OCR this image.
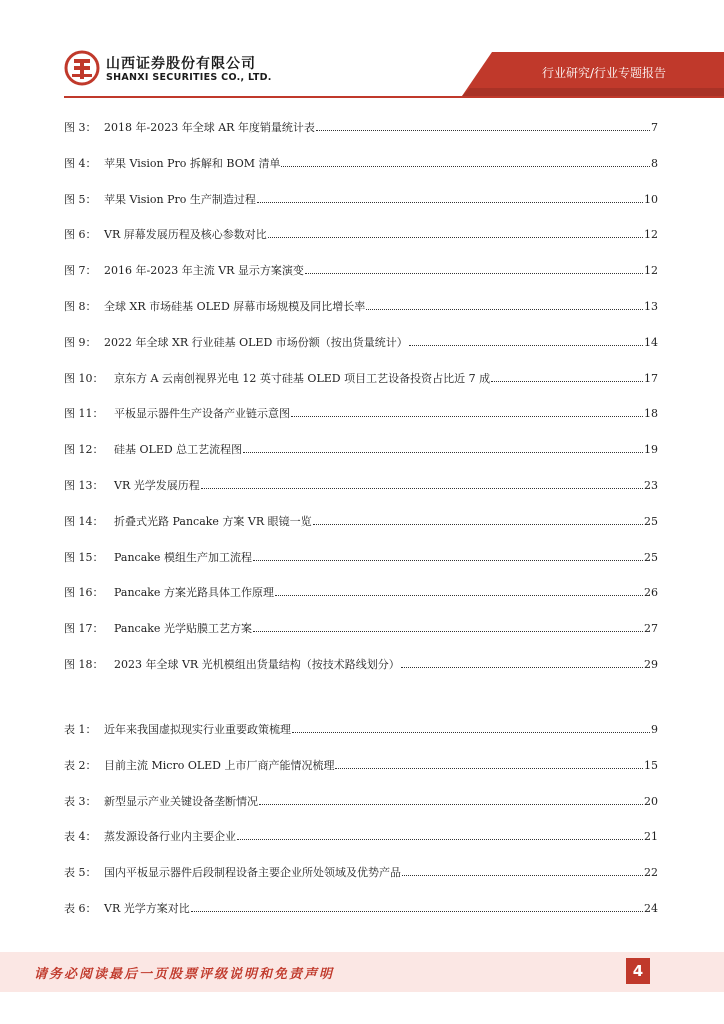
山西证券股份有限公司
SHANXI SECURITIES CO., LTD.	行业研究/行业专题报告
图 3： 2018 年-2023 年全球 AR 年度销量统计表	7
图 4： 苹果 Vision Pro 拆解和 BOM 清单	8
图 5： 苹果 Vision Pro 生产制造过程	10
图 6： VR 屏幕发展历程及核心参数对比	12
图 7： 2016 年-2023 年主流 VR 显示方案演变	12
图 8： 全球 XR 市场硅基 OLED 屏幕市场规模及同比增长率	13
图 9： 2022 年全球 XR 行业硅基 OLED 市场份额（按出货量统计）	14
图 10： 京东方 A 云南创视界光电 12 英寸硅基 OLED 项目工艺设备投资占比近 7 成	17
图 11： 平板显示器件生产设备产业链示意图	18
图 12： 硅基 OLED 总工艺流程图	19
图 13： VR 光学发展历程	23
图 14： 折叠式光路 Pancake 方案 VR 眼镜一览	25
图 15： Pancake 模组生产加工流程	25
图 16： Pancake 方案光路具体工作原理	26
图 17： Pancake 光学贴膜工艺方案	27
图 18： 2023 年全球 VR 光机模组出货量结构（按技术路线划分）	29
表 1： 近年来我国虚拟现实行业重要政策梳理	9
表 2： 目前主流 Micro OLED 上市厂商产能情况梳理	15
表 3： 新型显示产业关键设备垄断情况	20
表 4： 蒸发源设备行业内主要企业	21
表 5： 国内平板显示器件后段制程设备主要企业所处领域及优势产品	22
表 6： VR 光学方案对比	24
请务必阅读最后一页股票评级说明和免责声明	4
